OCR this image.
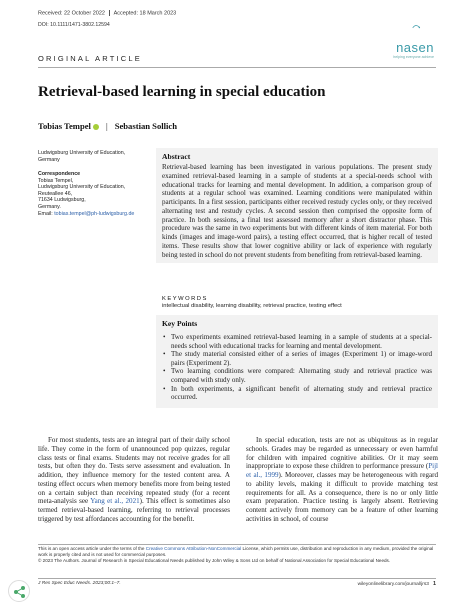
Received: 22 October 2022 Accepted: 18 March 2023
DOI: 10.1111/1471-3802.12594
nasen
helping everyone achieve
ORIGINAL ARTICLE
Retrieval-based learning in special education
Tobias Tempel | Sebastian Sollich
Ludwigsburg University of Education, Germany
Correspondence
Tobias Tempel,
Ludwigsburg University of Education,
Reuteallee 46,
71634 Ludwigsburg,
Germany.
Email: tobias.tempel@ph-ludwigsburg.de
Abstract
Retrieval-based learning has been investigated in various populations. The present study examined retrieval-based learning in a sample of students at a special-needs school with educational tracks for learning and mental development. In addition, a comparison group of students at a regular school was examined. Learning conditions were manipulated within participants. In a first session, participants either received restudy cycles only, or they received alternating test and restudy cycles. A second session then comprised the opposite form of practice. In both sessions, a final test assessed memory after a short distractor phase. This procedure was the same in two experiments but with different kinds of item material. For both kinds (images and image-word pairs), a testing effect occurred, that is higher recall of tested items. These results show that lower cognitive ability or lack of experience with regularly being tested in school do not prevent students from benefiting from retrieval-based learning.
KEYWORDS
intellectual disability, learning disability, retrieval practice, testing effect
Key Points
• Two experiments examined retrieval-based learning in a sample of students at a special-needs school with educational tracks for learning and mental development.
• The study material consisted either of a series of images (Experiment 1) or image-word pairs (Experiment 2).
• Two learning conditions were compared: Alternating study and retrieval practice was compared with study only.
• In both experiments, a significant benefit of alternating study and retrieval practice occurred.

For most students, tests are an integral part of their daily school life. They come in the form of unannounced pop quizzes, regular class tests or final exams. Students may not receive grades for all tests, but often they do. Tests serve assessment and evaluation. In addition, they influence memory for the tested content area. A testing effect occurs when memory benefits more from being tested on a certain subject than receiving repeated study (for a recent meta-analysis see Yang et al., 2021). This effect is sometimes also termed retrieval-based learning, referring to retrieval processes triggered by test affordances accounting for the benefit.

In special education, tests are not as ubiquitous as in regular schools. Grades may be regarded as unnecessary or even harmful for children with impaired cognitive abilities. Or it may seem inappropriate to expose these children to performance pressure (Pijl et al., 1999). Moreover, classes may be heterogeneous with regard to ability levels, making it difficult to provide matching test requirements for all. As a consequence, there is no or only little exam preparation. Practice testing is largely absent. Retrieving content actively from memory can be a feature of other learning activities in school, of course

This is an open access article under the terms of the Creative Commons Attribution-NonCommercial License, which permits use, distribution and reproduction in any medium, provided the original work is properly cited and is not used for commercial purposes.
© 2023 The Authors. Journal of Research in Special Educational Needs published by John Wiley & Sons Ltd on behalf of National Association for Special Educational Needs.
J Res Spec Educ Needs. 2023;00:1–7.	wileyonlinelibrary.com/journal/jrs3 1
